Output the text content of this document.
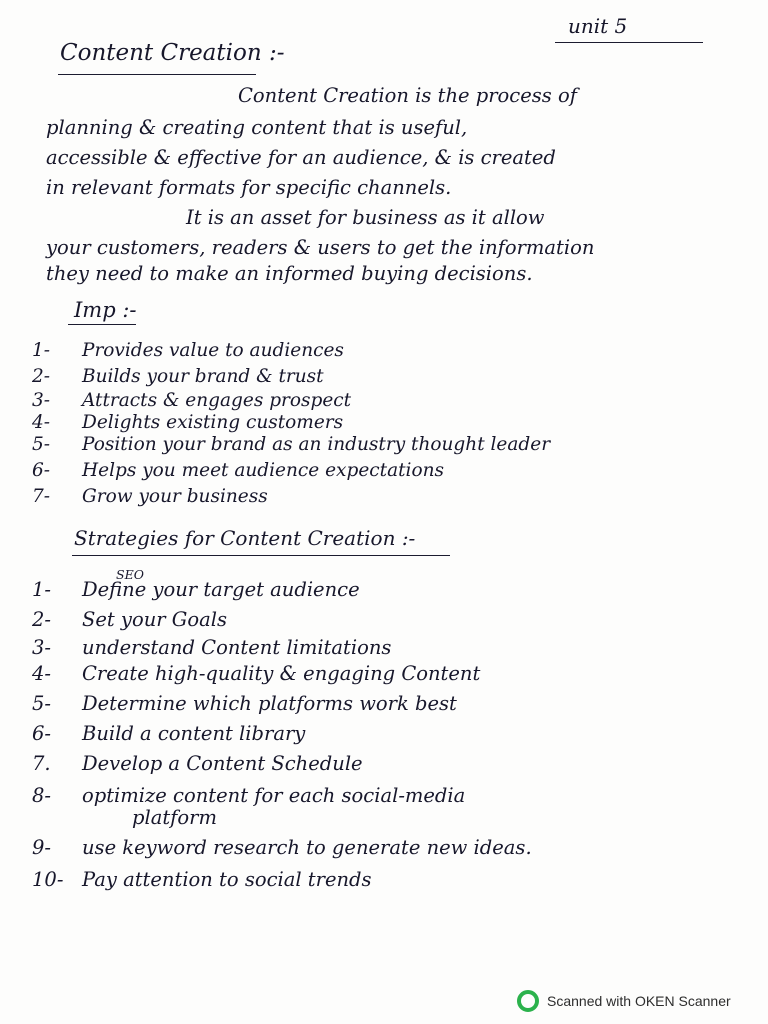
unit 5
Content Creation :-
Content Creation is the process of
planning & creating content that is useful,
accessible & effective for an audience, & is created
in relevant formats for specific channels.
It is an asset for business as it allow
your customers, readers & users to get the information
they need to make an informed buying decisions.
Imp :-
1- Provides value to audiences
2- Builds your brand & trust
3- Attracts & engages prospect
4- Delights existing customers
5- Position your brand as an industry thought leader
6- Helps you meet audience expectations
7- Grow your business
Strategies for Content Creation :-
SEO
1- Define your target audience
2- Set your Goals
3- understand Content limitations
4- Create high-quality & engaging Content
5- Determine which platforms work best
6- Build a content library
7. Develop a Content Schedule
8- optimize content for each social-media
platform
9- use keyword research to generate new ideas.
10- Pay attention to social trends
Scanned with OKEN Scanner
